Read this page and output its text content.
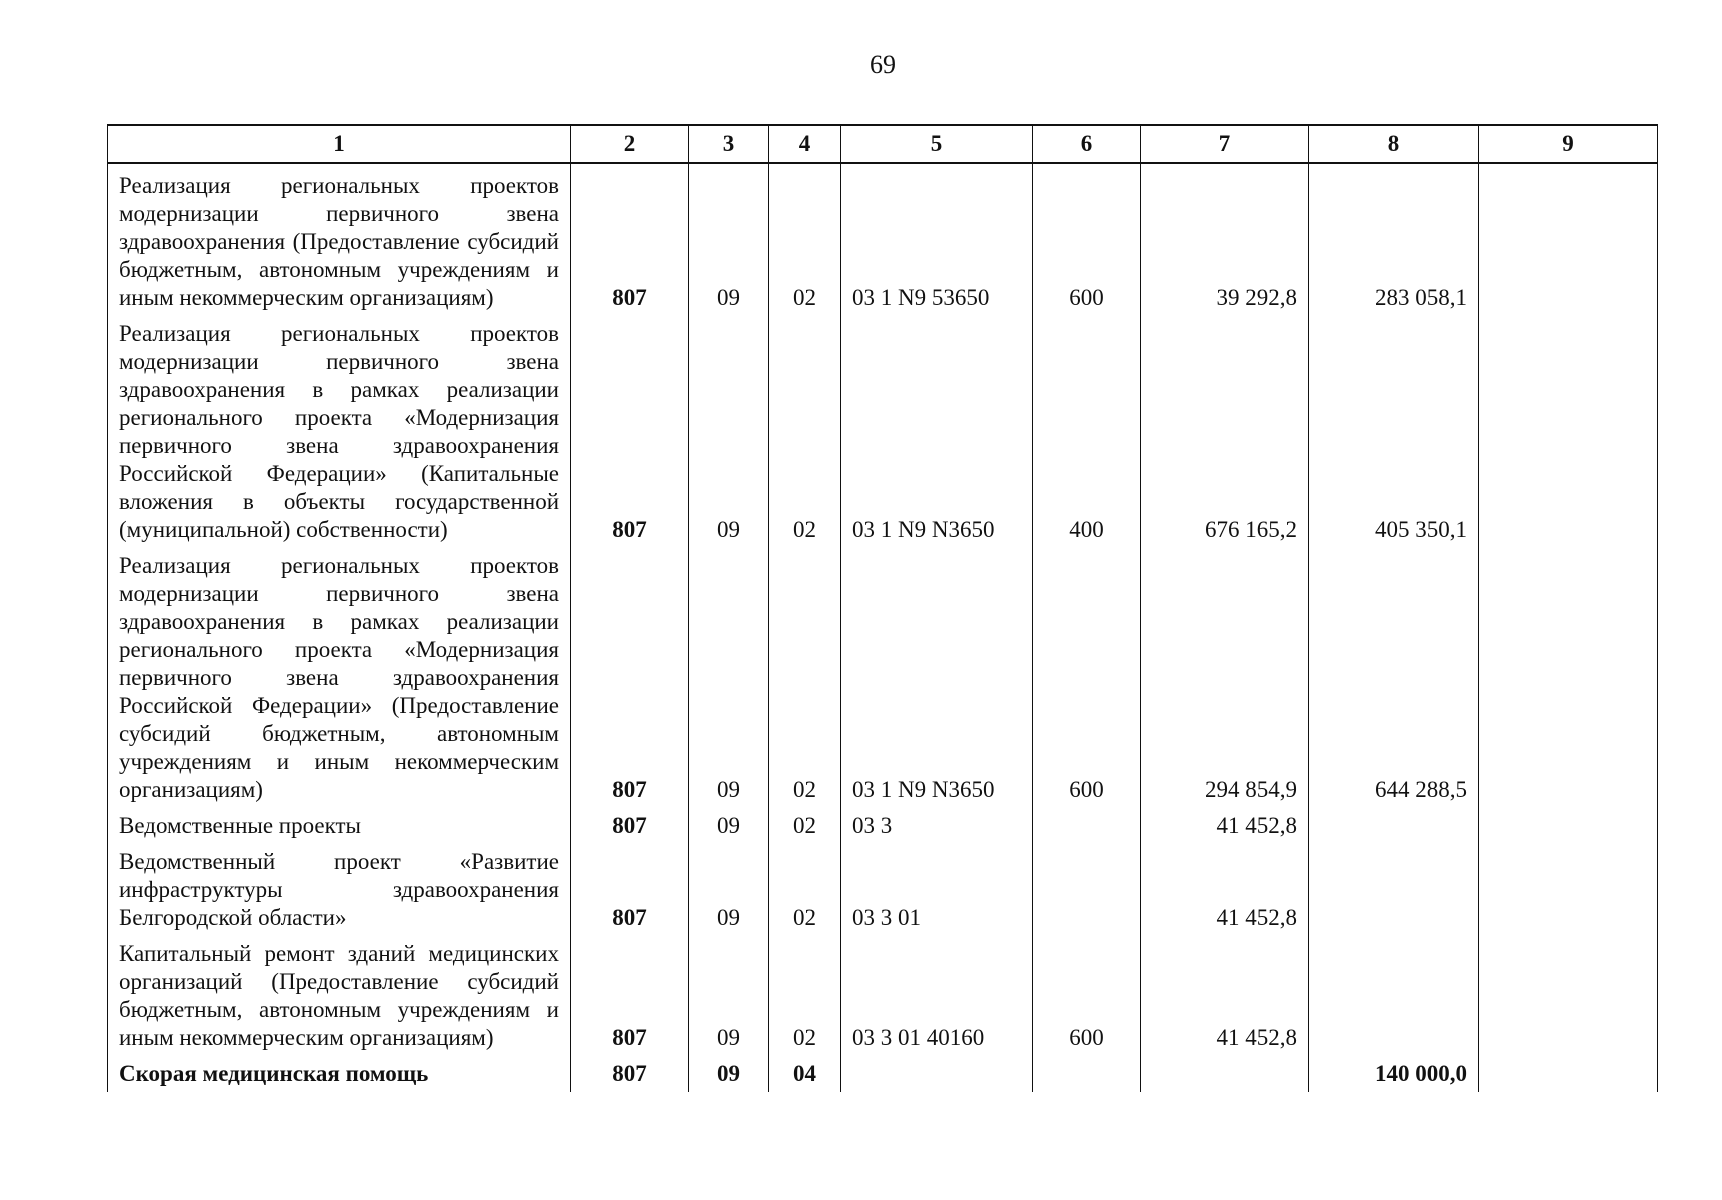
69
1	2	3	4	5	6	7	8	9
Реализация региональных проектов модернизации первичного звена здравоохранения (Предоставление субсидий бюджетным, автономным учреждениям и иным некоммерческим организациям)	807	09	02	03 1 N9 53650	600	39 292,8	283 058,1	
Реализация региональных проектов модернизации первичного звена здравоохранения в рамках реализации регионального проекта «Модернизация первичного звена здравоохранения Российской Федерации» (Капитальные вложения в объекты государственной (муниципальной) собственности)	807	09	02	03 1 N9 N3650	400	676 165,2	405 350,1	
Реализация региональных проектов модернизации первичного звена здравоохранения в рамках реализации регионального проекта «Модернизация первичного звена здравоохранения Российской Федерации» (Предоставление субсидий бюджетным, автономным учреждениям и иным некоммерческим организациям)	807	09	02	03 1 N9 N3650	600	294 854,9	644 288,5	
Ведомственные проекты	807	09	02	03 3		41 452,8		
Ведомственный проект «Развитие инфраструктуры здравоохранения Белгородской области»	807	09	02	03 3 01		41 452,8		
Капитальный ремонт зданий медицинских организаций (Предоставление субсидий бюджетным, автономным учреждениям и иным некоммерческим организациям)	807	09	02	03 3 01 40160	600	41 452,8		
Скорая медицинская помощь	807	09	04				140 000,0	
